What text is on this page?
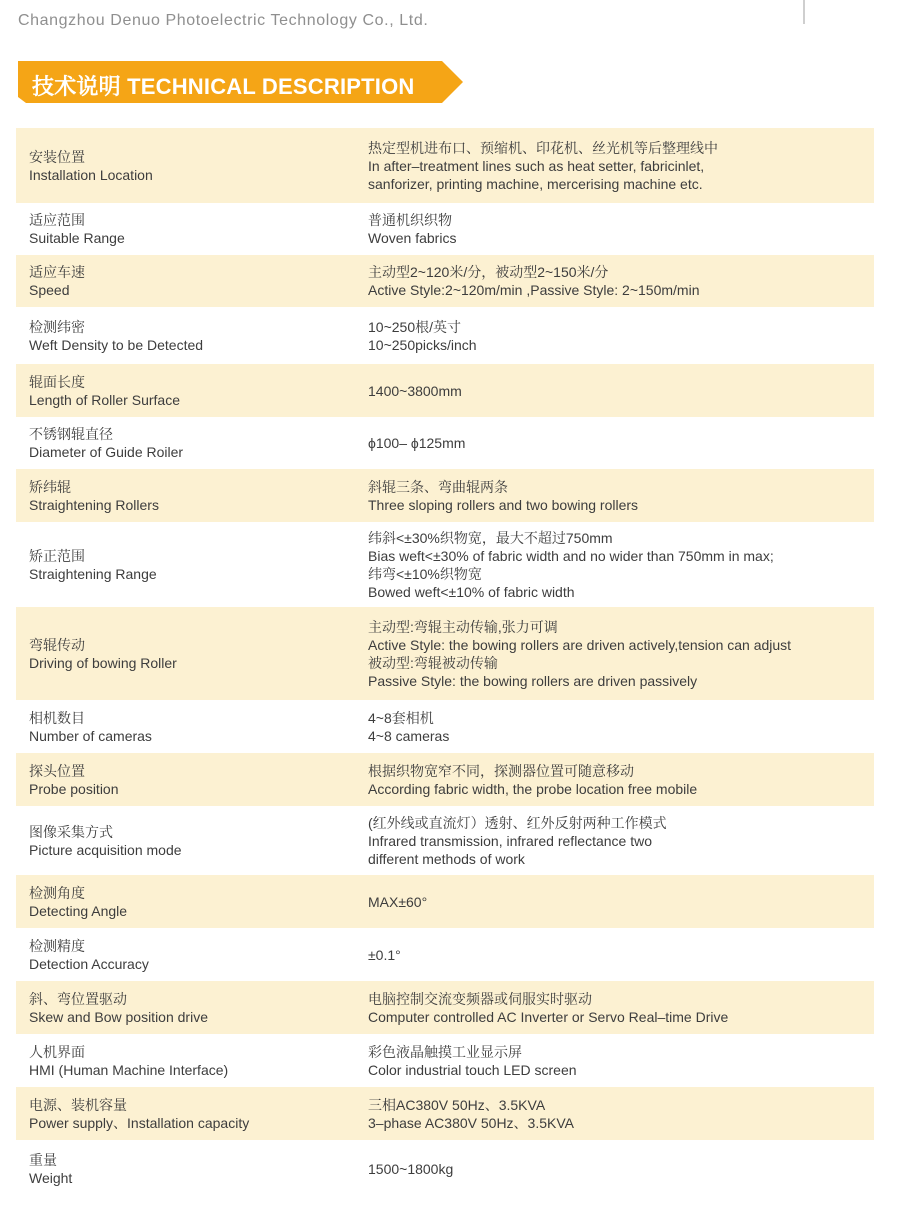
Changzhou Denuo Photoelectric Technology Co., Ltd.
技术说明 TECHNICAL DESCRIPTION
安装位置
Installation Location
热定型机进布口、预缩机、印花机、丝光机等后整理线中
In after–treatment lines such as heat setter, fabricinlet,
sanforizer, printing machine, mercerising machine etc.
适应范围
Suitable Range
普通机织织物
Woven fabrics
适应车速
Speed
主动型2~120米/分，被动型2~150米/分
Active Style:2~120m/min ,Passive Style: 2~150m/min
检测纬密
Weft Density to be Detected
10~250根/英寸
10~250picks/inch
辊面长度
Length of Roller Surface
1400~3800mm
不锈钢辊直径
Diameter of Guide Roiler
ϕ100– ϕ125mm
矫纬辊
Straightening Rollers
斜辊三条、弯曲辊两条
Three sloping rollers and two bowing rollers
矫正范围
Straightening Range
纬斜<±30%织物宽，最大不超过750mm
Bias weft<±30% of fabric width and no wider than 750mm in max;
纬弯<±10%织物宽
Bowed weft<±10% of fabric width
弯辊传动
Driving of bowing Roller
主动型:弯辊主动传输,张力可调
Active Style: the bowing rollers are driven actively,tension can adjust
被动型:弯辊被动传输
Passive Style: the bowing rollers are driven passively
相机数目
Number of cameras
4~8套相机
4~8 cameras
探头位置
Probe position
根据织物宽窄不同，探测器位置可随意移动
According fabric width, the probe location free mobile
图像采集方式
Picture acquisition mode
(红外线或直流灯）透射、红外反射两种工作模式
Infrared transmission, infrared reflectance two
different methods of work
检测角度
Detecting Angle
MAX±60°
检测精度
Detection Accuracy
±0.1°
斜、弯位置驱动
Skew and Bow position drive
电脑控制交流变频器或伺服实时驱动
Computer controlled AC Inverter or Servo Real–time Drive
人机界面
HMI (Human Machine Interface)
彩色液晶触摸工业显示屏
Color industrial touch LED screen
电源、装机容量
Power supply、Installation capacity
三相AC380V 50Hz、3.5KVA
3–phase AC380V 50Hz、3.5KVA
重量
Weight
1500~1800kg
